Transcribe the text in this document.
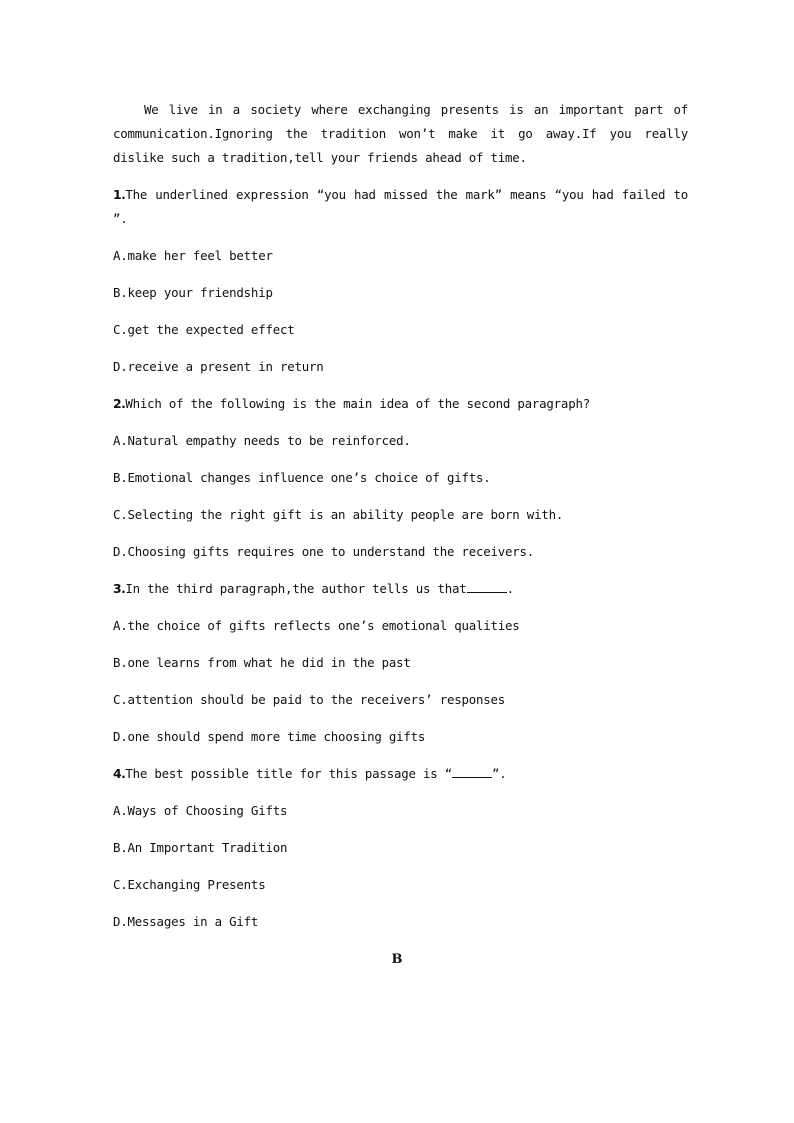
We live in a society where exchanging presents is an important part of communication.Ignoring the tradition won’t make it go away.If you really dislike such a tradition,tell your friends ahead of time.

1.The underlined expression “you had missed the mark” means “you had failed to ”.

A.make her feel better

B.keep your friendship

C.get the expected effect

D.receive a present in return

2.Which of the following is the main idea of the second paragraph?

A.Natural empathy needs to be reinforced.

B.Emotional changes influence one’s choice of gifts.

C.Selecting the right gift is an ability people are born with.

D.Choosing gifts requires one to understand the receivers.

3.In the third paragraph,the author tells us that	.

A.the choice of gifts reflects one’s emotional qualities

B.one learns from what he did in the past

C.attention should be paid to the receivers’ responses

D.one should spend more time choosing gifts

4.The best possible title for this passage is “	”.

A.Ways of Choosing Gifts

B.An Important Tradition

C.Exchanging Presents

D.Messages in a Gift

B
